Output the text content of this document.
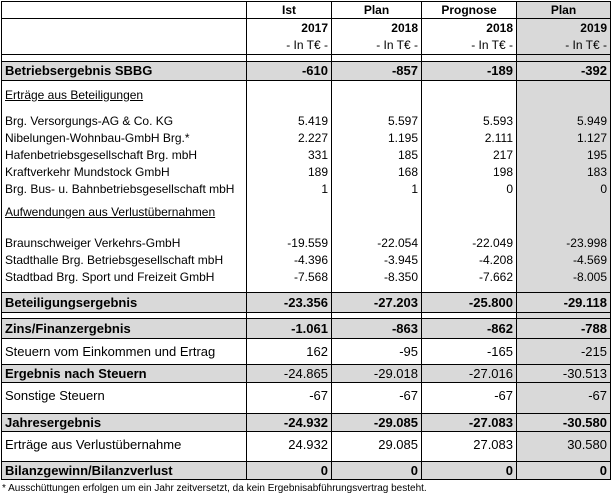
	Ist	Plan	Prognose	Plan
	2017	2018	2018	2019
	- In T€ -	- In T€ -	- In T€ -	- In T€ -

Betriebsergebnis SBBG	-610	-857	-189	-392
Erträge aus Beteiligungen				

Brg. Versorgungs-AG & Co. KG	5.419	5.597	5.593	5.949
Nibelungen-Wohnbau-GmbH Brg.*	2.227	1.195	2.111	1.127
Hafenbetriebsgesellschaft Brg. mbH	331	185	217	195
Kraftverkehr Mundstock GmbH	189	168	198	183
Brg. Bus- u. Bahnbetriebsgesellschaft mbH	1	1	0	0
Aufwendungen aus Verlustübernahmen				

Braunschweiger Verkehrs-GmbH	-19.559	-22.054	-22.049	-23.998
Stadthalle Brg. Betriebsgesellschaft mbH	-4.396	-3.945	-4.208	-4.569
Stadtbad Brg. Sport und Freizeit GmbH	-7.568	-8.350	-7.662	-8.005

Beteiligungsergebnis	-23.356	-27.203	-25.800	-29.118

Zins/Finanzergebnis	-1.061	-863	-862	-788
Steuern vom Einkommen und Ertrag	162	-95	-165	-215
Ergebnis nach Steuern	-24.865	-29.018	-27.016	-30.513
Sonstige Steuern	-67	-67	-67	-67

Jahresergebnis	-24.932	-29.085	-27.083	-30.580
Erträge aus Verlustübernahme	24.932	29.085	27.083	30.580

Bilanzgewinn/Bilanzverlust	0	0	0	0
* Ausschüttungen erfolgen um ein Jahr zeitversetzt, da kein Ergebnisabführungsvertrag besteht.
